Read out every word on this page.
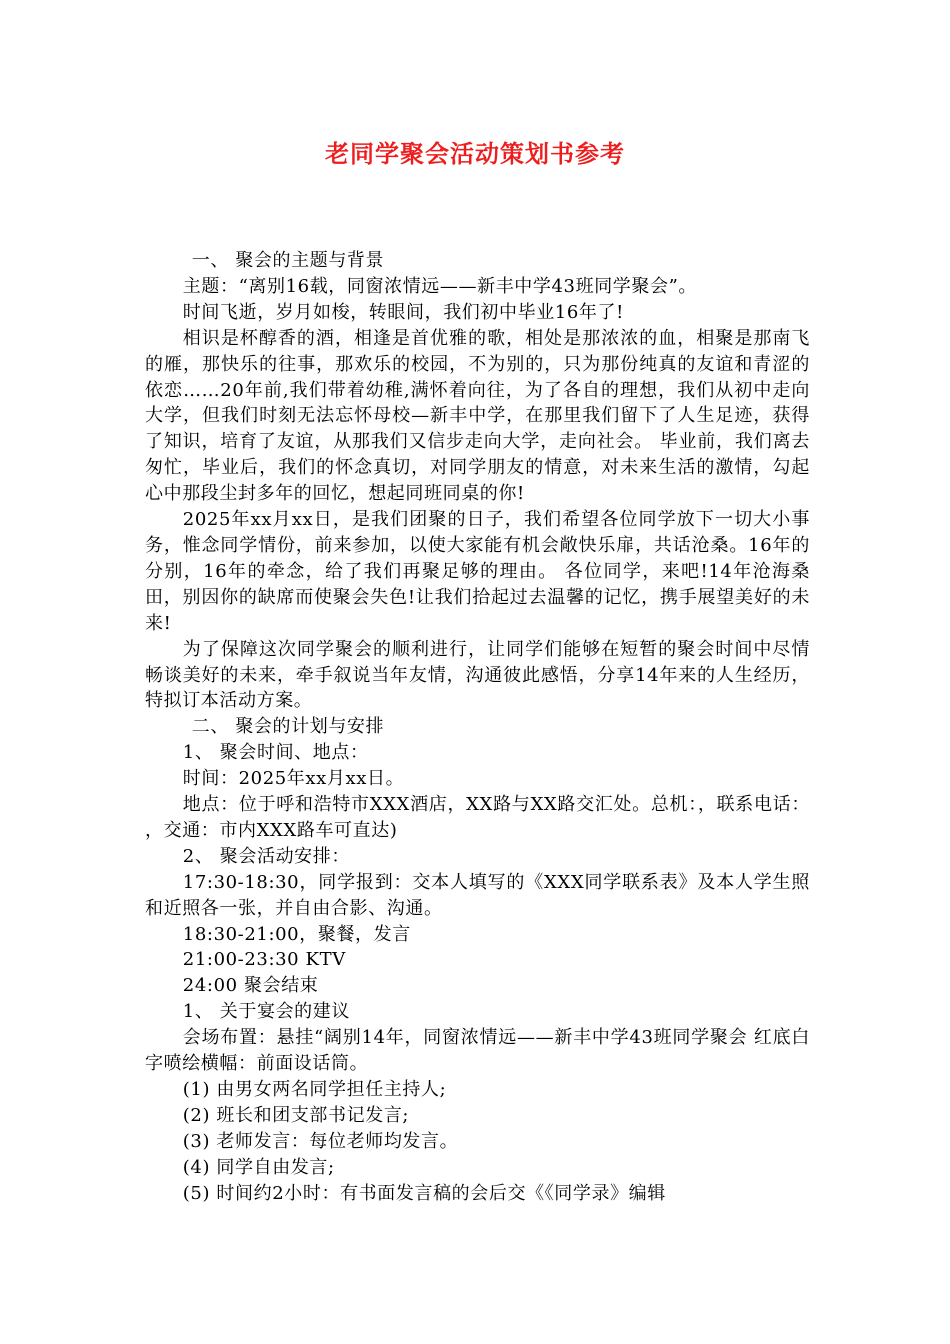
老同学聚会活动策划书参考

一、 聚会的主题与背景

主题：“离别16载，同窗浓情远——新丰中学43班同学聚会”。

时间飞逝，岁月如梭，转眼间，我们初中毕业16年了!

相识是杯醇香的酒，相逢是首优雅的歌，相处是那浓浓的血，相聚是那南飞的雁，那快乐的往事，那欢乐的校园，不为别的，只为那份纯真的友谊和青涩的依恋……20年前,我们带着幼稚,满怀着向往，为了各自的理想，我们从初中走向大学，但我们时刻无法忘怀母校—新丰中学，在那里我们留下了人生足迹，获得了知识，培育了友谊，从那我们又信步走向大学，走向社会。 毕业前，我们离去匆忙，毕业后，我们的怀念真切，对同学朋友的情意，对未来生活的激情，勾起心中那段尘封多年的回忆，想起同班同桌的你!

2025年xx月xx日，是我们团聚的日子，我们希望各位同学放下一切大小事务，惟念同学情份，前来参加，以使大家能有机会敞快乐扉，共话沧桑。16年的分别，16年的牵念，给了我们再聚足够的理由。 各位同学，来吧!14年沧海桑田，别因你的缺席而使聚会失色!让我们拾起过去温馨的记忆，携手展望美好的未来!

为了保障这次同学聚会的顺利进行，让同学们能够在短暂的聚会时间中尽情畅谈美好的未来，牵手叙说当年友情，沟通彼此感悟，分享14年来的人生经历，特拟订本活动方案。

二、 聚会的计划与安排

1、 聚会时间、地点：

时间：2025年xx月xx日。

地点：位于呼和浩特市XXX酒店，XX路与XX路交汇处。总机：，联系电话： ，交通：市内XXX路车可直达)

2、 聚会活动安排：

17:30-18:30，同学报到：交本人填写的《XXX同学联系表》及本人学生照和近照各一张，并自由合影、沟通。

18:30-21:00，聚餐，发言

21:00-23:30 KTV

24:00 聚会结束

1、 关于宴会的建议

会场布置：悬挂“阔别14年，同窗浓情远——新丰中学43班同学聚会 红底白字喷绘横幅：前面设话筒。

(1) 由男女两名同学担任主持人;

(2) 班长和团支部书记发言;

(3) 老师发言：每位老师均发言。

(4) 同学自由发言;

(5) 时间约2小时：有书面发言稿的会后交《《同学录》编辑
